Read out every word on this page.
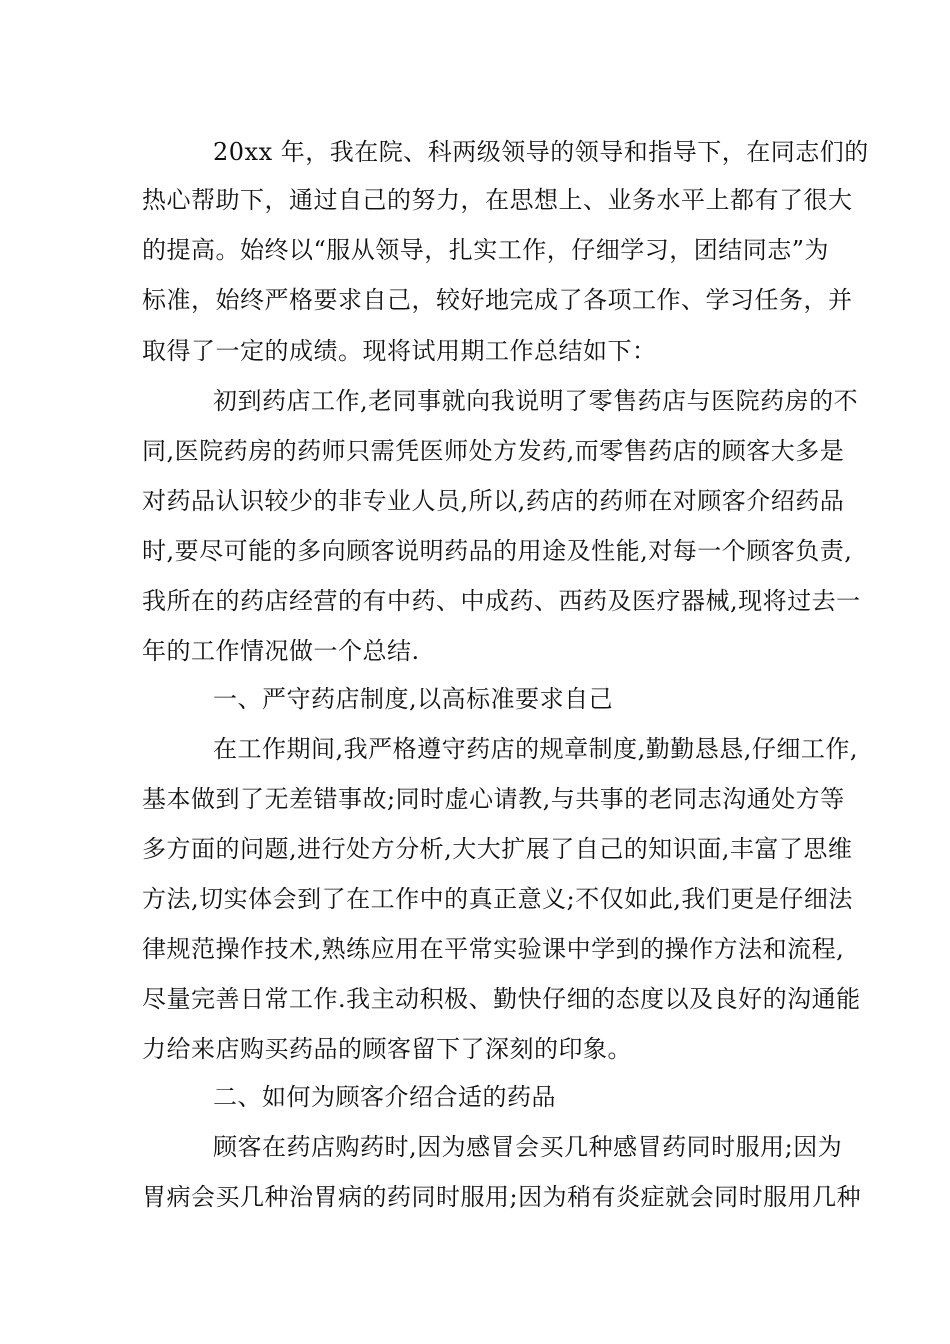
20xx 年，我在院、科两级领导的领导和指导下，在同志们的
热心帮助下，通过自己的努力，在思想上、业务水平上都有了很大
的提高。始终以“服从领导，扎实工作，仔细学习，团结同志”为
标准，始终严格要求自己，较好地完成了各项工作、学习任务，并
取得了一定的成绩。现将试用期工作总结如下：
初到药店工作,老同事就向我说明了零售药店与医院药房的不
同,医院药房的药师只需凭医师处方发药,而零售药店的顾客大多是
对药品认识较少的非专业人员,所以,药店的药师在对顾客介绍药品
时,要尽可能的多向顾客说明药品的用途及性能,对每一个顾客负责,
我所在的药店经营的有中药、中成药、西药及医疗器械,现将过去一
年的工作情况做一个总结.
一、严守药店制度,以高标准要求自己
在工作期间,我严格遵守药店的规章制度,勤勤恳恳,仔细工作,
基本做到了无差错事故;同时虚心请教,与共事的老同志沟通处方等
多方面的问题,进行处方分析,大大扩展了自己的知识面,丰富了思维
方法,切实体会到了在工作中的真正意义;不仅如此,我们更是仔细法
律规范操作技术,熟练应用在平常实验课中学到的操作方法和流程,
尽量完善日常工作.我主动积极、勤快仔细的态度以及良好的沟通能
力给来店购买药品的顾客留下了深刻的印象。
二、如何为顾客介绍合适的药品
顾客在药店购药时,因为感冒会买几种感冒药同时服用;因为
胃病会买几种治胃病的药同时服用;因为稍有炎症就会同时服用几种
